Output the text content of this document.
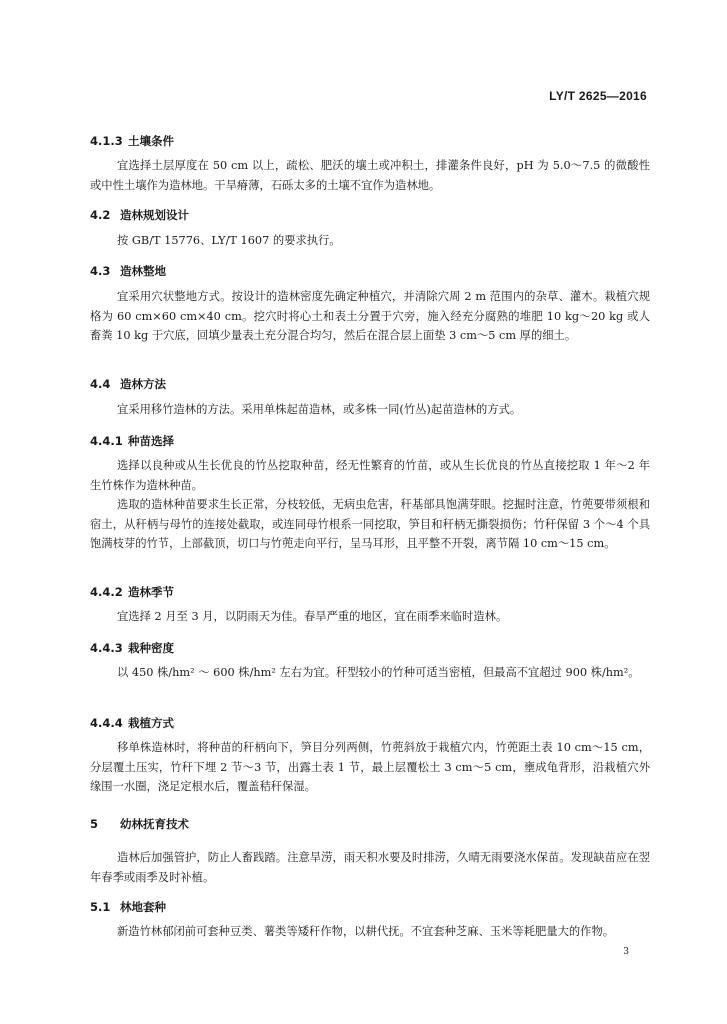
LY/T 2625—2016
4.1.3 土壤条件

宜选择土层厚度在 50 cm 以上，疏松、肥沃的壤土或冲积土，排灌条件良好，pH 为 5.0～7.5 的微酸性或中性土壤作为造林地。干旱瘠薄，石砾太多的土壤不宜作为造林地。

4.2 造林规划设计

按 GB/T 15776、LY/T 1607 的要求执行。

4.3 造林整地

宜采用穴状整地方式。按设计的造林密度先确定种植穴，并清除穴周 2 m 范围内的杂草、灌木。栽植穴规格为 60 cm×60 cm×40 cm。挖穴时将心土和表土分置于穴旁，施入经充分腐熟的堆肥 10 kg～20 kg 或人畜粪 10 kg 于穴底，回填少量表土充分混合均匀，然后在混合层上面垫 3 cm～5 cm 厚的细土。

4.4 造林方法

宜采用移竹造林的方法。采用单株起苗造林，或多株一同(竹丛)起苗造林的方式。

4.4.1 种苗选择

选择以良种或从生长优良的竹丛挖取种苗，经无性繁育的竹苗，或从生长优良的竹丛直接挖取 1 年～2 年生竹株作为造林种苗。

选取的造林种苗要求生长正常，分枝较低，无病虫危害，秆基部具饱满芽眼。挖掘时注意，竹蔸要带须根和宿土，从秆柄与母竹的连接处截取，或连同母竹根系一同挖取，笋目和秆柄无撕裂损伤；竹秆保留 3 个～4 个具饱满枝芽的竹节，上部截顶，切口与竹蔸走向平行，呈马耳形，且平整不开裂，离节隔 10 cm～15 cm。

4.4.2 造林季节

宜选择 2 月至 3 月，以阴雨天为佳。春旱严重的地区，宜在雨季来临时造林。

4.4.3 栽种密度

以 450 株/hm² ～ 600 株/hm² 左右为宜。秆型较小的竹种可适当密植，但最高不宜超过 900 株/hm²。

4.4.4 栽植方式

移单株造林时，将种苗的秆柄向下，笋目分列两侧，竹蔸斜放于栽植穴内，竹蔸距土表 10 cm～15 cm，分层覆土压实，竹秆下埋 2 节～3 节，出露土表 1 节，最上层覆松土 3 cm～5 cm，壅成龟背形，沿栽植穴外缘围一水圈，浇足定根水后，覆盖秸秆保湿。

5 幼林抚育技术

造林后加强管护，防止人畜践踏。注意旱涝，雨天积水要及时排涝，久晴无雨要浇水保苗。发现缺苗应在翌年春季或雨季及时补植。

5.1 林地套种

新造竹林郁闭前可套种豆类、薯类等矮秆作物，以耕代抚。不宜套种芝麻、玉米等耗肥量大的作物。

3
